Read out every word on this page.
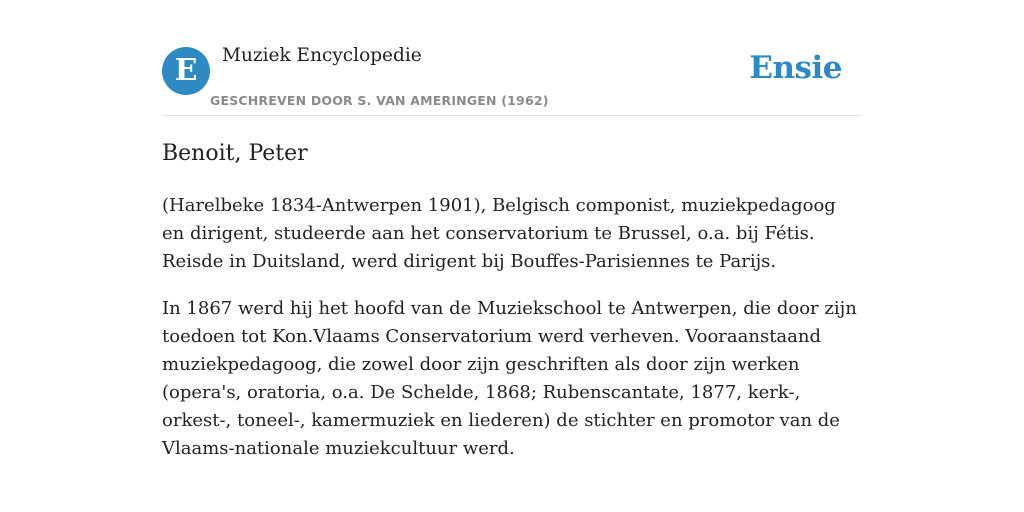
E	Muziek Encyclopedie
GESCHREVEN DOOR S. VAN AMERINGEN (1962)
Ensie
Benoit, Peter

(Harelbeke 1834-Antwerpen 1901), Belgisch componist, muziekpedagoog en dirigent, studeerde aan het conservatorium te Brussel, o.a. bij Fétis. Reisde in Duitsland, werd dirigent bij Bouffes-Parisiennes te Parijs.

In 1867 werd hij het hoofd van de Muziekschool te Antwerpen, die door zijn toedoen tot Kon.Vlaams Conservatorium werd verheven. Vooraanstaand muziekpedagoog, die zowel door zijn geschriften als door zijn werken (opera's, oratoria, o.a. De Schelde, 1868; Rubenscantate, 1877, kerk-, orkest-, toneel-, kamermuziek en liederen) de stichter en promotor van de Vlaams-nationale muziekcultuur werd.
